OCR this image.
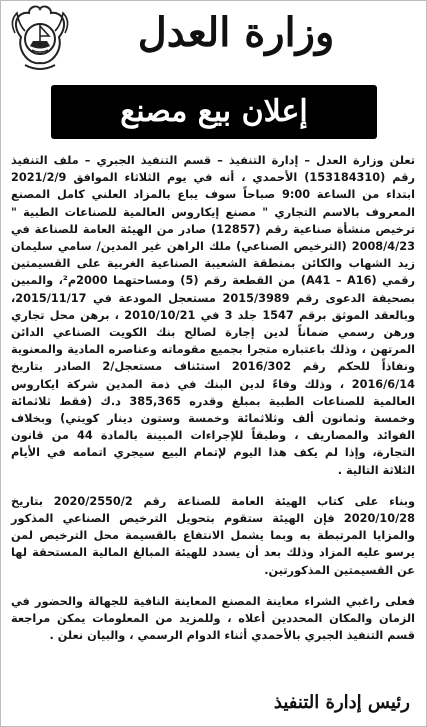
وزارة العدل
إعلان بيع مصنع

تعلن وزارة العدل – إدارة التنفيذ – قسم التنفيذ الجبري – ملف التنفيذ رقم (153184310) الأحمدي ، أنه في يوم الثلاثاء الموافق 2021/2/9 ابتداء من الساعة 9:00 صباحاً سوف يباع بالمزاد العلني كامل المصنع المعروف بالاسم التجاري " مصنع إيكاروس العالمية للصناعات الطبية " ترخيص منشأة صناعية رقم (12857) صادر من الهيئة العامة للصناعة في 2008/4/23 (الترخيص الصناعي) ملك الراهن غير المدين/ سامي سليمان زيد الشهاب والكائن بمنطقة الشعيبة الصناعية الغربية على القسيمتين رقمي (A41 – A16) من القطعة رقم (5) ومساحتهما 2000م²، والمبين بصحيفة الدعوى رقم 2015/3989 مستعجل المودعة في 2015/11/17، وبالعقد الموثق برقم 1547 جلد 3 في 2010/10/21 ، برهن محل تجاري ورهن رسمي ضماناً لدين إجارة لصالح بنك الكويت الصناعي الدائن المرتهن ، وذلك باعتباره متجرا بجميع مقوماته وعناصره المادية والمعنوية ونفاذاً للحكم رقم 2016/302 استئناف مستعجل/2 الصادر بتاريخ 2016/6/14 ، وذلك وفاءً لدين البنك في ذمة المدين شركة ايكاروس العالمية للصناعات الطبية بمبلغ وقدره 385,365 د.ك (فقط ثلاثمائة وخمسة وثمانون ألف وثلاثمائة وخمسة وستون دينار كويتي) وبخلاف الفوائد والمصاريف ، وطبقاً للإجراءات المبينة بالمادة 44 من قانون التجارة، وإذا لم يكف هذا اليوم لإتمام البيع سيجري اتمامه في الأيام الثلاثة التالية .

وبناء على كتاب الهيئة العامة للصناعة رقم 2020/2550/2 بتاريخ 2020/10/28 فإن الهيئة ستقوم بتحويل الترخيص الصناعي المذكور والمزايا المرتبطة به وبما يشمل الانتفاع بالقسيمة محل الترخيص لمن يرسو عليه المزاد وذلك بعد أن يسدد للهيئة المبالغ المالية المستحقة لها عن القسيمتين المذكورتين.

فعلى راغبي الشراء معاينة المصنع المعاينة النافية للجهالة والحضور في الزمان والمكان المحددين أعلاه ، وللمزيد من المعلومات يمكن مراجعة قسم التنفيذ الجبري بالأحمدي أثناء الدوام الرسمي ، والبيان نعلن .

رئيس إدارة التنفيذ
